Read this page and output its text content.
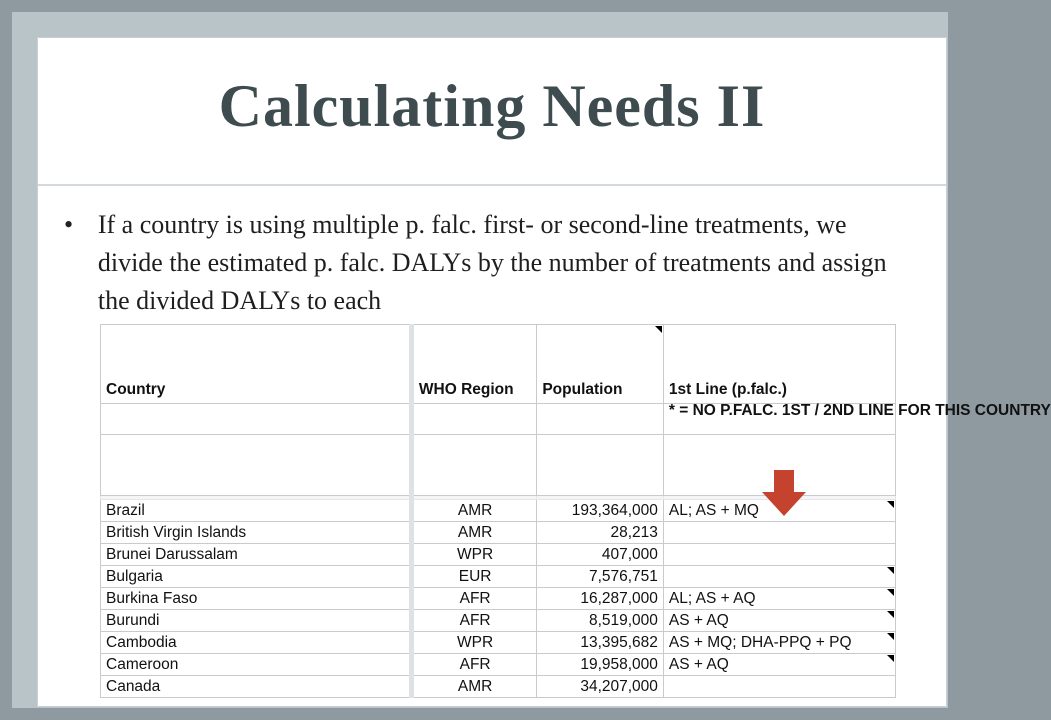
Calculating Needs II
• If a country is using multiple p. falc. first- or second-line treatments, we divide the estimated p. falc. DALYs by the number of treatments and assign the divided DALYs to each
Country	WHO Region	Population	1st Line (p.falc.)
			* = NO P.FALC. 1ST / 2ND LINE FOR THIS COUNTRY

Brazil	AMR	193,364,000	AL; AS + MQ
British Virgin Islands	AMR	28,213	
Brunei Darussalam	WPR	407,000	
Bulgaria	EUR	7,576,751	
Burkina Faso	AFR	16,287,000	AL; AS + AQ
Burundi	AFR	8,519,000	AS + AQ
Cambodia	WPR	13,395,682	AS + MQ; DHA-PPQ + PQ
Cameroon	AFR	19,958,000	AS + AQ
Canada	AMR	34,207,000	
